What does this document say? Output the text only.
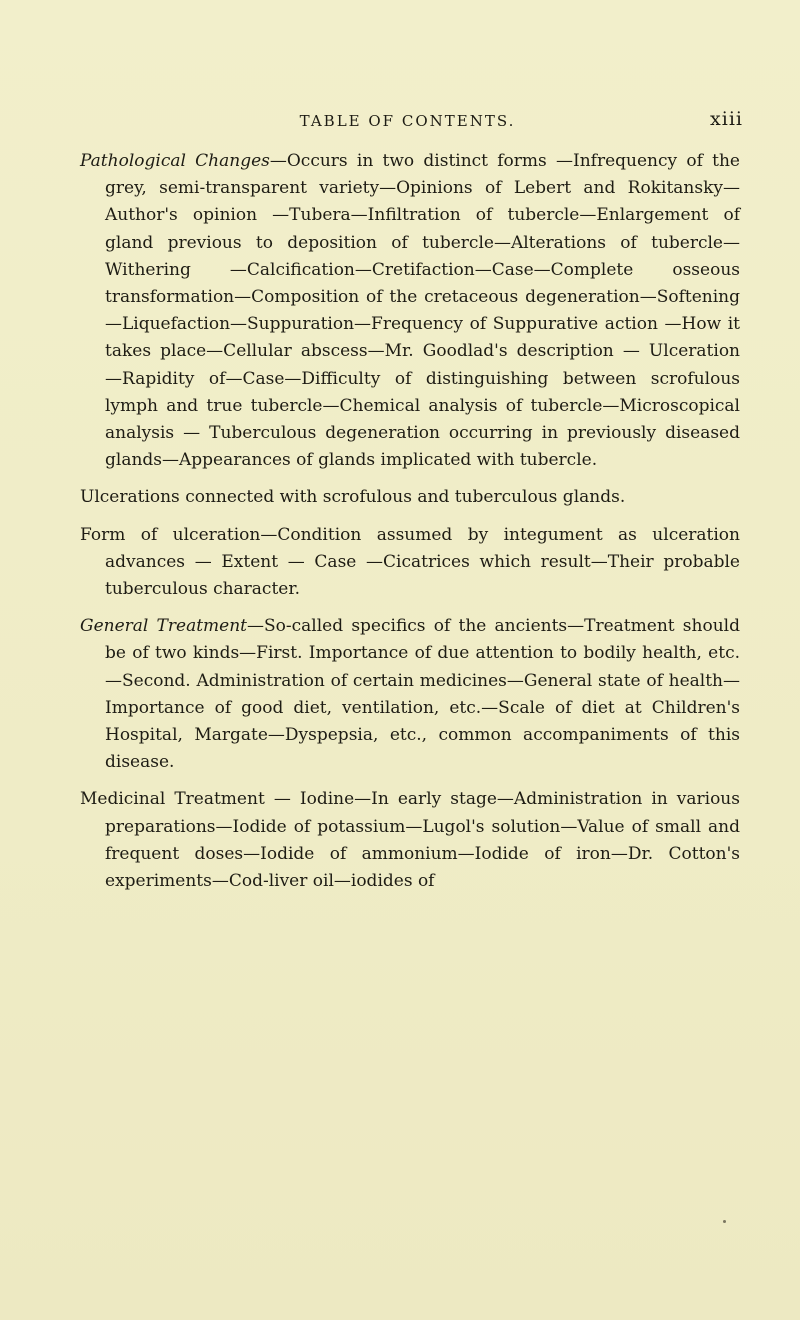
TABLE OF CONTENTS.	xiii

Pathological Changes—Occurs in two distinct forms —Infrequency of the grey, semi-transparent variety—Opinions of Lebert and Rokitansky—Author's opinion —Tubera—Infiltration of tubercle—Enlargement of gland previous to deposition of tubercle—Alterations of tubercle—Withering —Calcification—Cretifaction—Case—Complete osseous transformation—Composition of the cretaceous degeneration—Softening—Liquefaction—Suppuration—Frequency of Suppurative action —How it takes place—Cellular abscess—Mr. Goodlad's description — Ulceration —Rapidity of—Case—Difficulty of distinguishing between scrofulous lymph and true tubercle—Chemical analysis of tubercle—Microscopical analysis — Tuberculous degeneration occurring in previously diseased glands—Appearances of glands implicated with tubercle.

Ulcerations connected with scrofulous and tuberculous glands.

Form of ulceration—Condition assumed by integument as ulceration advances — Extent — Case —Cicatrices which result—Their probable tuberculous character.

General Treatment—So-called specifics of the ancients—Treatment should be of two kinds—First. Importance of due attention to bodily health, etc.—Second. Administration of certain medicines—General state of health—Importance of good diet, ventilation, etc.—Scale of diet at Children's Hospital, Margate—Dyspepsia, etc., common accompaniments of this disease.

Medicinal Treatment — Iodine—In early stage—Administration in various preparations—Iodide of potassium—Lugol's solution—Value of small and frequent doses—Iodide of ammonium—Iodide of iron—Dr. Cotton's experiments—Cod-liver oil—iodides of
